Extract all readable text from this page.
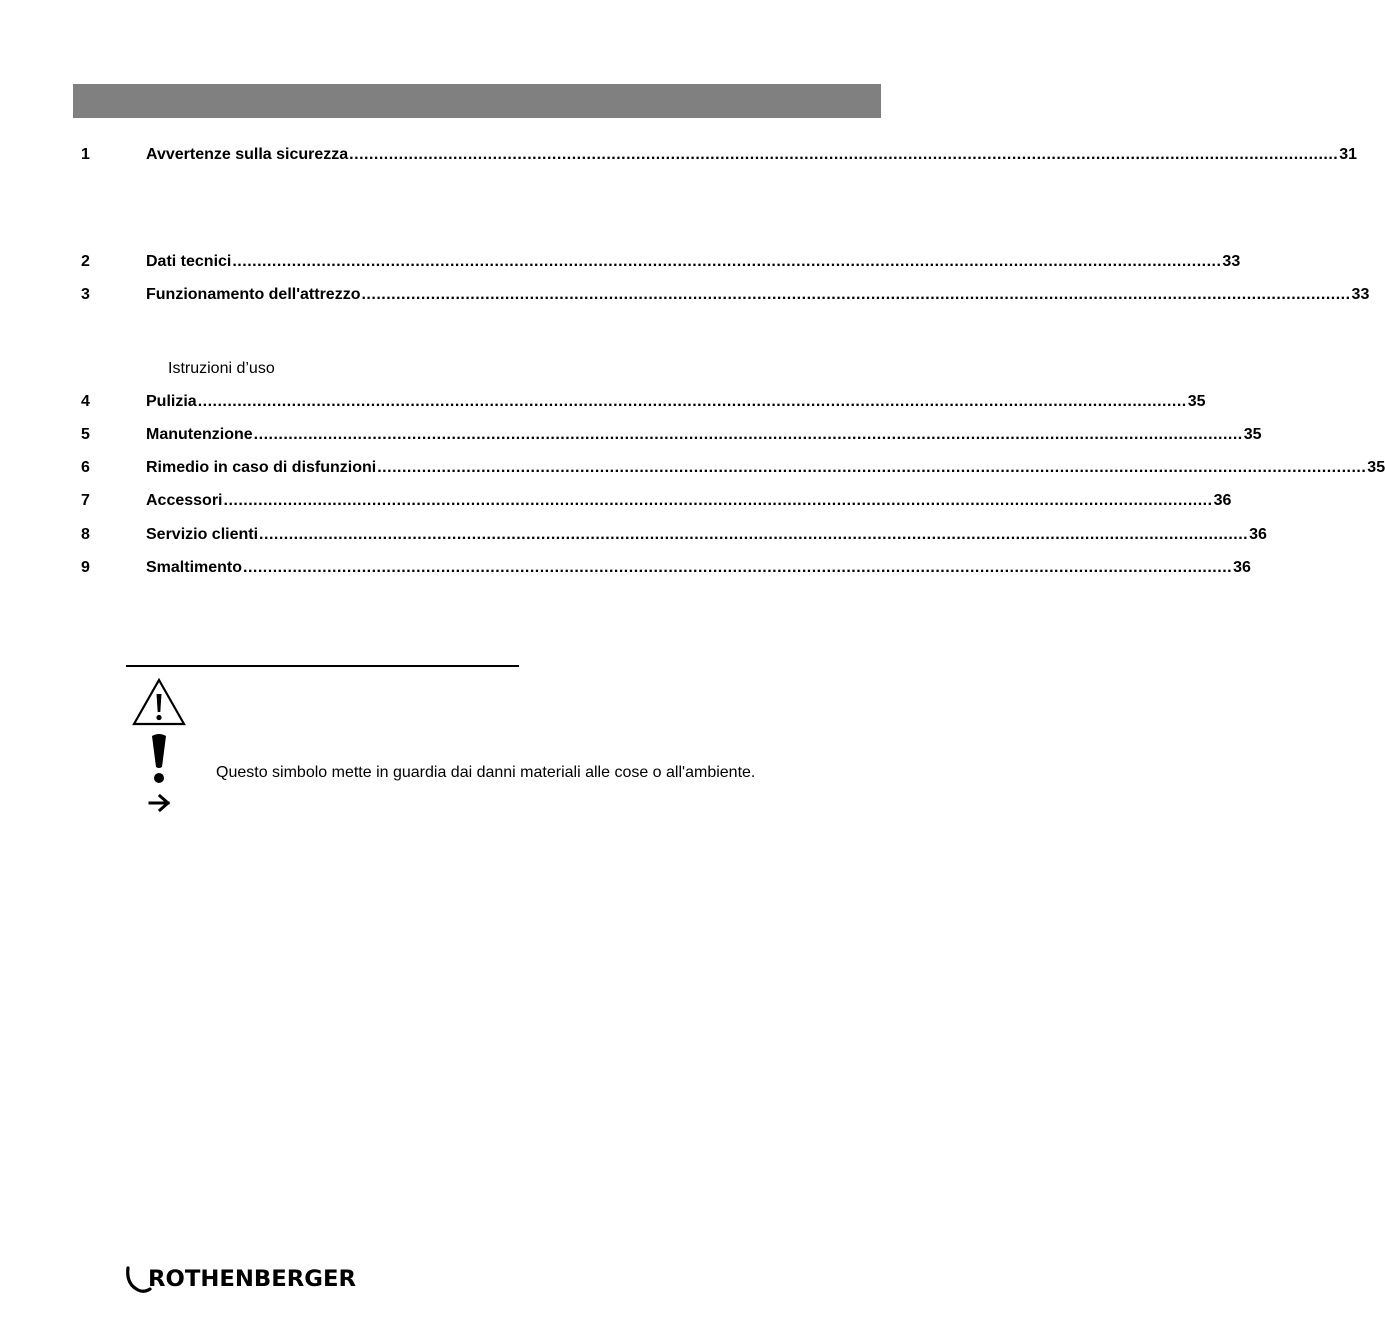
1	Avvertenze sulla sicurezza ........................................................................................................................................................................................................ 31
2	Dati tecnici ........................................................................................................................................................................................................ 33
3	Funzionamento dell'attrezzo ........................................................................................................................................................................................................ 33
Istruzioni d’uso
4	Pulizia ........................................................................................................................................................................................................ 35
5	Manutenzione ........................................................................................................................................................................................................ 35
6	Rimedio in caso di disfunzioni ........................................................................................................................................................................................................ 35
7	Accessori ........................................................................................................................................................................................................ 36
8	Servizio clienti ........................................................................................................................................................................................................ 36
9	Smaltimento ........................................................................................................................................................................................................ 36
Questo simbolo mette in guardia dai danni materiali alle cose o all'ambiente.
ROTHENBERGER
